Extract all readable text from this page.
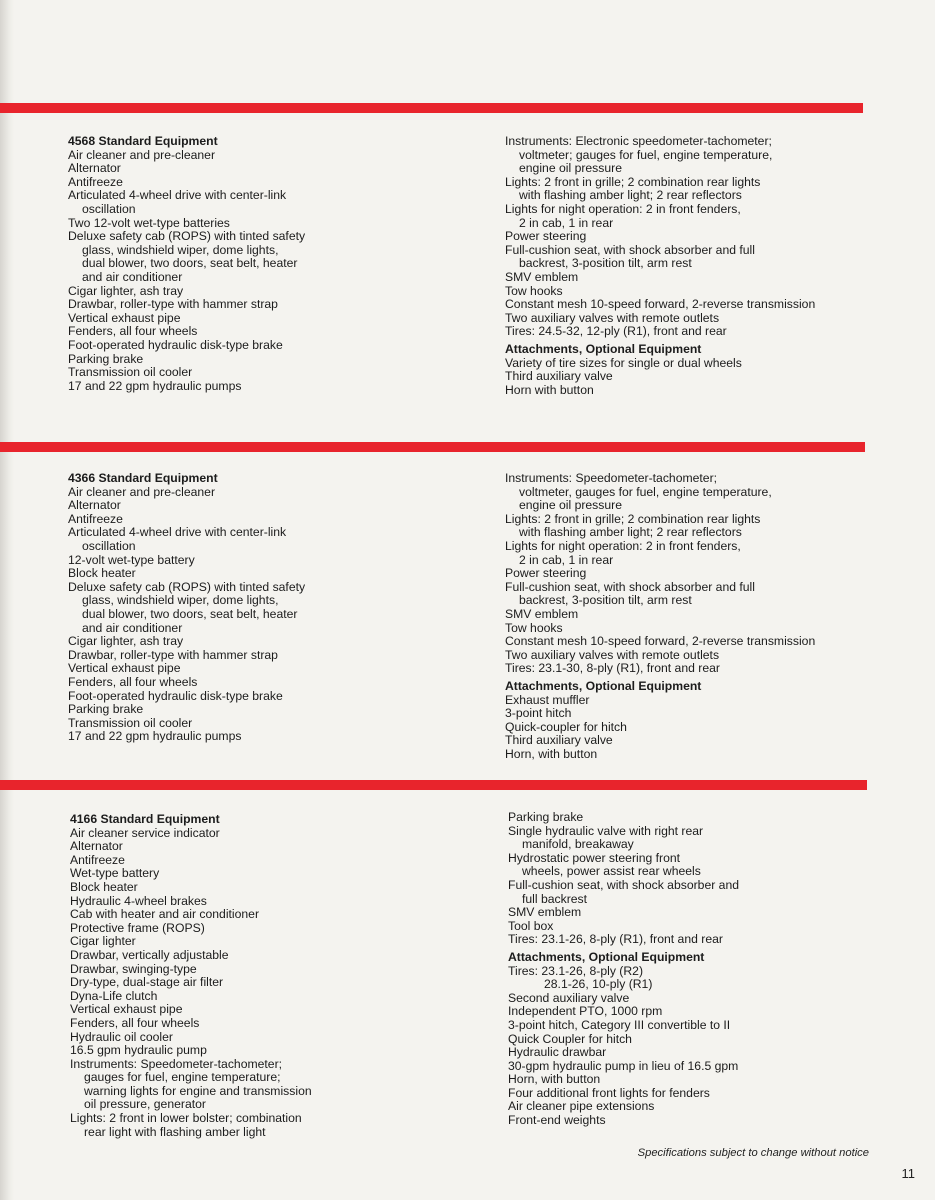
4568 Standard Equipment
Air cleaner and pre-cleaner
Alternator
Antifreeze
Articulated 4-wheel drive with center-link
oscillation
Two 12-volt wet-type batteries
Deluxe safety cab (ROPS) with tinted safety
glass, windshield wiper, dome lights,
dual blower, two doors, seat belt, heater
and air conditioner
Cigar lighter, ash tray
Drawbar, roller-type with hammer strap
Vertical exhaust pipe
Fenders, all four wheels
Foot-operated hydraulic disk-type brake
Parking brake
Transmission oil cooler
17 and 22 gpm hydraulic pumps
Instruments: Electronic speedometer-tachometer;
voltmeter; gauges for fuel, engine temperature,
engine oil pressure
Lights: 2 front in grille; 2 combination rear lights
with flashing amber light; 2 rear reflectors
Lights for night operation: 2 in front fenders,
2 in cab, 1 in rear
Power steering
Full-cushion seat, with shock absorber and full
backrest, 3-position tilt, arm rest
SMV emblem
Tow hooks
Constant mesh 10-speed forward, 2-reverse transmission
Two auxiliary valves with remote outlets
Tires: 24.5-32, 12-ply (R1), front and rear
Attachments, Optional Equipment
Variety of tire sizes for single or dual wheels
Third auxiliary valve
Horn with button
4366 Standard Equipment
Air cleaner and pre-cleaner
Alternator
Antifreeze
Articulated 4-wheel drive with center-link
oscillation
12-volt wet-type battery
Block heater
Deluxe safety cab (ROPS) with tinted safety
glass, windshield wiper, dome lights,
dual blower, two doors, seat belt, heater
and air conditioner
Cigar lighter, ash tray
Drawbar, roller-type with hammer strap
Vertical exhaust pipe
Fenders, all four wheels
Foot-operated hydraulic disk-type brake
Parking brake
Transmission oil cooler
17 and 22 gpm hydraulic pumps
Instruments: Speedometer-tachometer;
voltmeter, gauges for fuel, engine temperature,
engine oil pressure
Lights: 2 front in grille; 2 combination rear lights
with flashing amber light; 2 rear reflectors
Lights for night operation: 2 in front fenders,
2 in cab, 1 in rear
Power steering
Full-cushion seat, with shock absorber and full
backrest, 3-position tilt, arm rest
SMV emblem
Tow hooks
Constant mesh 10-speed forward, 2-reverse transmission
Two auxiliary valves with remote outlets
Tires: 23.1-30, 8-ply (R1), front and rear
Attachments, Optional Equipment
Exhaust muffler
3-point hitch
Quick-coupler for hitch
Third auxiliary valve
Horn, with button
4166 Standard Equipment
Air cleaner service indicator
Alternator
Antifreeze
Wet-type battery
Block heater
Hydraulic 4-wheel brakes
Cab with heater and air conditioner
Protective frame (ROPS)
Cigar lighter
Drawbar, vertically adjustable
Drawbar, swinging-type
Dry-type, dual-stage air filter
Dyna-Life clutch
Vertical exhaust pipe
Fenders, all four wheels
Hydraulic oil cooler
16.5 gpm hydraulic pump
Instruments: Speedometer-tachometer;
gauges for fuel, engine temperature;
warning lights for engine and transmission
oil pressure, generator
Lights: 2 front in lower bolster; combination
rear light with flashing amber light
Parking brake
Single hydraulic valve with right rear
manifold, breakaway
Hydrostatic power steering front
wheels, power assist rear wheels
Full-cushion seat, with shock absorber and
full backrest
SMV emblem
Tool box
Tires: 23.1-26, 8-ply (R1), front and rear
Attachments, Optional Equipment
Tires: 23.1-26, 8-ply (R2)
28.1-26, 10-ply (R1)
Second auxiliary valve
Independent PTO, 1000 rpm
3-point hitch, Category III convertible to II
Quick Coupler for hitch
Hydraulic drawbar
30-gpm hydraulic pump in lieu of 16.5 gpm
Horn, with button
Four additional front lights for fenders
Air cleaner pipe extensions
Front-end weights
Specifications subject to change without notice
11
